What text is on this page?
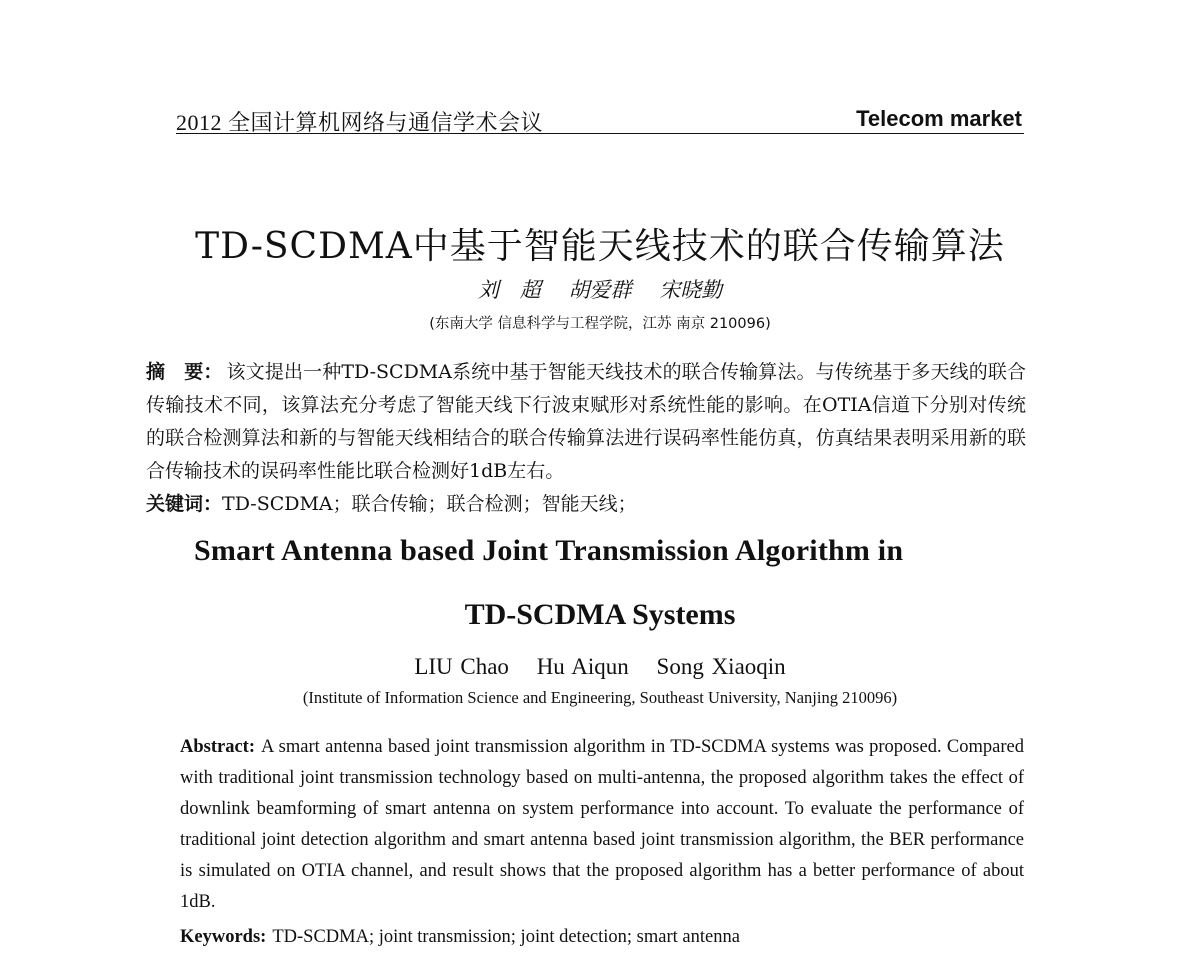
2012 全国计算机网络与通信学术会议	Telecom market
TD-SCDMA中基于智能天线技术的联合传输算法
刘　超  胡爱群  宋晓勤
(东南大学 信息科学与工程学院，江苏 南京 210096)
摘　要： 该文提出一种TD-SCDMA系统中基于智能天线技术的联合传输算法。与传统基于多天线的联合传输技术不同，该算法充分考虑了智能天线下行波束赋形对系统性能的影响。在OTIA信道下分别对传统的联合检测算法和新的与智能天线相结合的联合传输算法进行误码率性能仿真，仿真结果表明采用新的联合传输技术的误码率性能比联合检测好1dB左右。
关键词：TD-SCDMA；联合传输；联合检测；智能天线；
Smart Antenna based Joint Transmission Algorithm in
TD-SCDMA Systems
LIU Chao Hu Aiqun Song Xiaoqin
(Institute of Information Science and Engineering, Southeast University, Nanjing 210096)
Abstract: A smart antenna based joint transmission algorithm in TD-SCDMA systems was proposed. Compared with traditional joint transmission technology based on multi-antenna, the proposed algorithm takes the effect of downlink beamforming of smart antenna on system performance into account. To evaluate the performance of traditional joint detection algorithm and smart antenna based joint transmission algorithm, the BER performance is simulated on OTIA channel, and result shows that the proposed algorithm has a better performance of about 1dB.
Keywords: TD-SCDMA; joint transmission; joint detection; smart antenna
